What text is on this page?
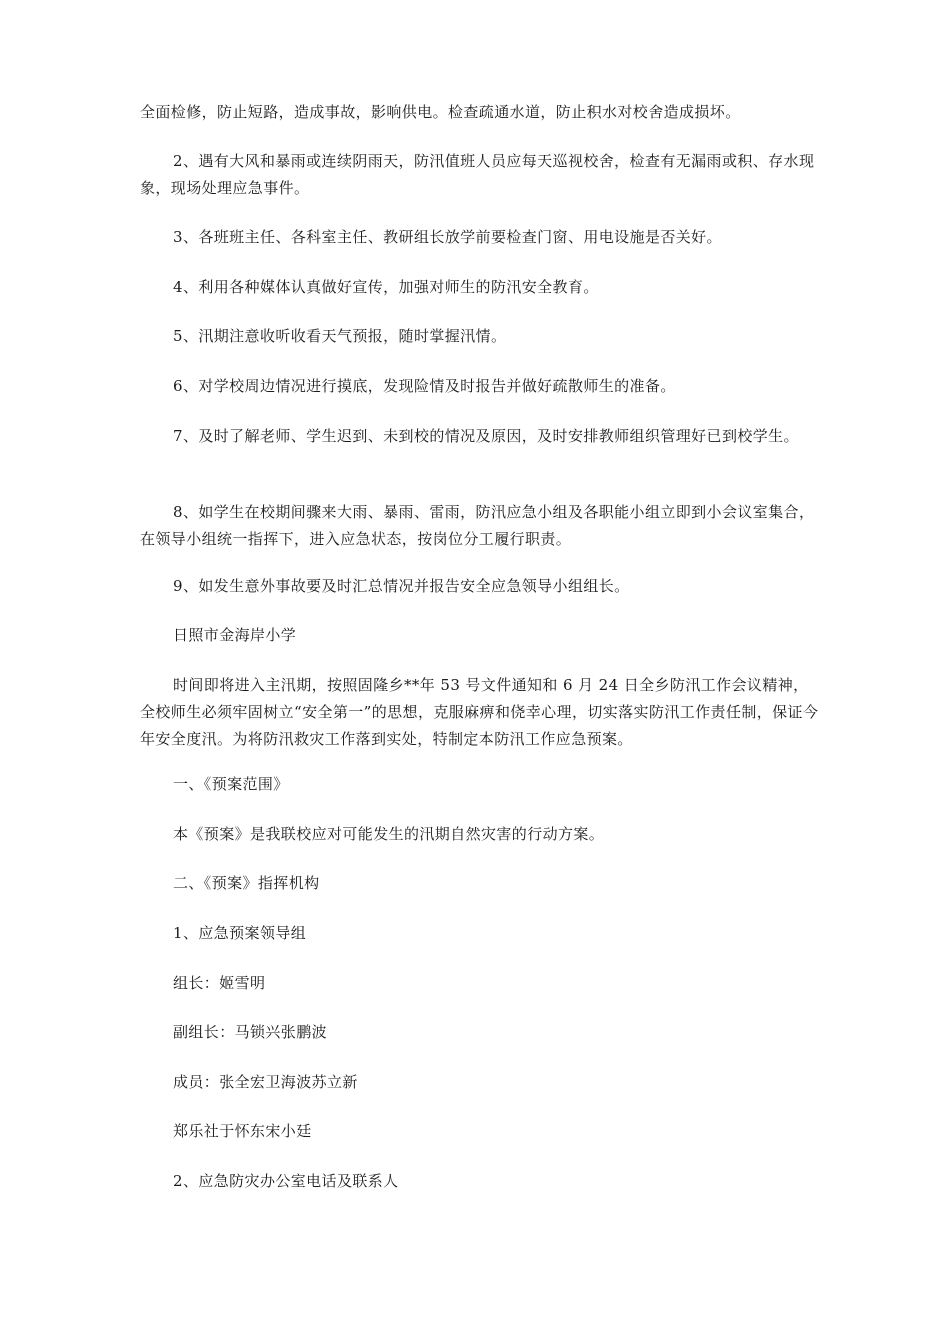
全面检修，防止短路，造成事故，影响供电。检查疏通水道，防止积水对校舍造成损坏。

2、遇有大风和暴雨或连续阴雨天，防汛值班人员应每天巡视校舍，检查有无漏雨或积、存水现象，现场处理应急事件。

3、各班班主任、各科室主任、教研组长放学前要检查门窗、用电设施是否关好。

4、利用各种媒体认真做好宣传，加强对师生的防汛安全教育。

5、汛期注意收听收看天气预报，随时掌握汛情。

6、对学校周边情况进行摸底，发现险情及时报告并做好疏散师生的准备。

7、及时了解老师、学生迟到、未到校的情况及原因，及时安排教师组织管理好已到校学生。

8、如学生在校期间骤来大雨、暴雨、雷雨，防汛应急小组及各职能小组立即到小会议室集合，在领导小组统一指挥下，进入应急状态，按岗位分工履行职责。

9、如发生意外事故要及时汇总情况并报告安全应急领导小组组长。

日照市金海岸小学

时间即将进入主汛期，按照固隆乡**年 53 号文件通知和 6 月 24 日全乡防汛工作会议精神，全校师生必须牢固树立“安全第一”的思想，克服麻痹和侥幸心理，切实落实防汛工作责任制，保证今年安全度汛。为将防汛救灾工作落到实处，特制定本防汛工作应急预案。

一、《预案范围》

本《预案》是我联校应对可能发生的汛期自然灾害的行动方案。

二、《预案》指挥机构

1、应急预案领导组

组长：姬雪明

副组长：马锁兴张鹏波

成员：张全宏卫海波苏立新

郑乐社于怀东宋小廷

2、应急防灾办公室电话及联系人
